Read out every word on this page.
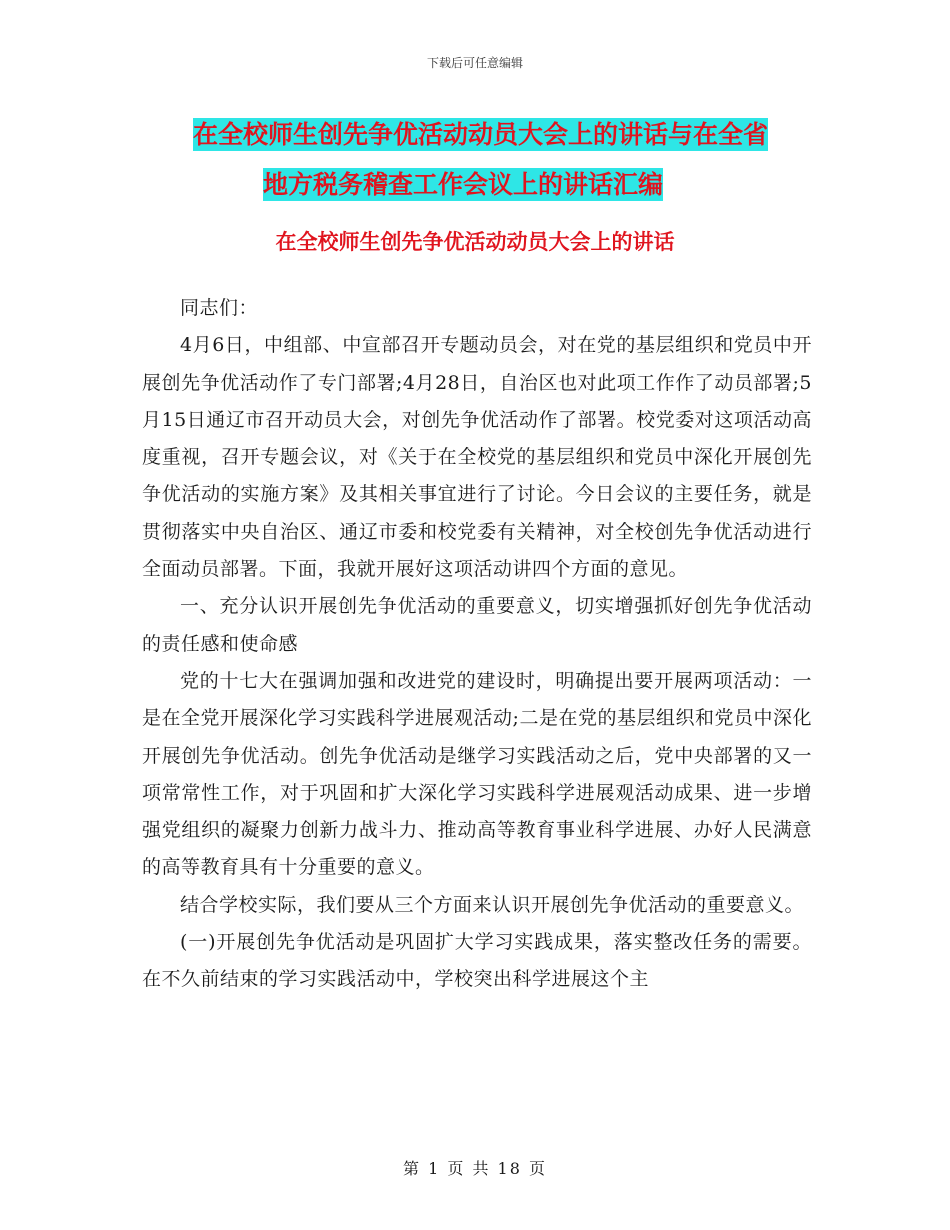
下载后可任意编辑
在全校师生创先争优活动动员大会上的讲话与在全省
地方税务稽查工作会议上的讲话汇编
在全校师生创先争优活动动员大会上的讲话

同志们：

4月6日，中组部、中宣部召开专题动员会，对在党的基层组织和党员中开展创先争优活动作了专门部署;4月28日，自治区也对此项工作作了动员部署;5月15日通辽市召开动员大会，对创先争优活动作了部署。校党委对这项活动高度重视，召开专题会议，对《关于在全校党的基层组织和党员中深化开展创先争优活动的实施方案》及其相关事宜进行了讨论。今日会议的主要任务，就是贯彻落实中央自治区、通辽市委和校党委有关精神，对全校创先争优活动进行全面动员部署。下面，我就开展好这项活动讲四个方面的意见。

一、充分认识开展创先争优活动的重要意义，切实增强抓好创先争优活动的责任感和使命感

党的十七大在强调加强和改进党的建设时，明确提出要开展两项活动：一是在全党开展深化学习实践科学进展观活动;二是在党的基层组织和党员中深化开展创先争优活动。创先争优活动是继学习实践活动之后，党中央部署的又一项常常性工作，对于巩固和扩大深化学习实践科学进展观活动成果、进一步增强党组织的凝聚力创新力战斗力、推动高等教育事业科学进展、办好人民满意的高等教育具有十分重要的意义。

结合学校实际，我们要从三个方面来认识开展创先争优活动的重要意义。

(一)开展创先争优活动是巩固扩大学习实践成果，落实整改任务的需要。在不久前结束的学习实践活动中，学校突出科学进展这个主

第 1 页 共 18 页
